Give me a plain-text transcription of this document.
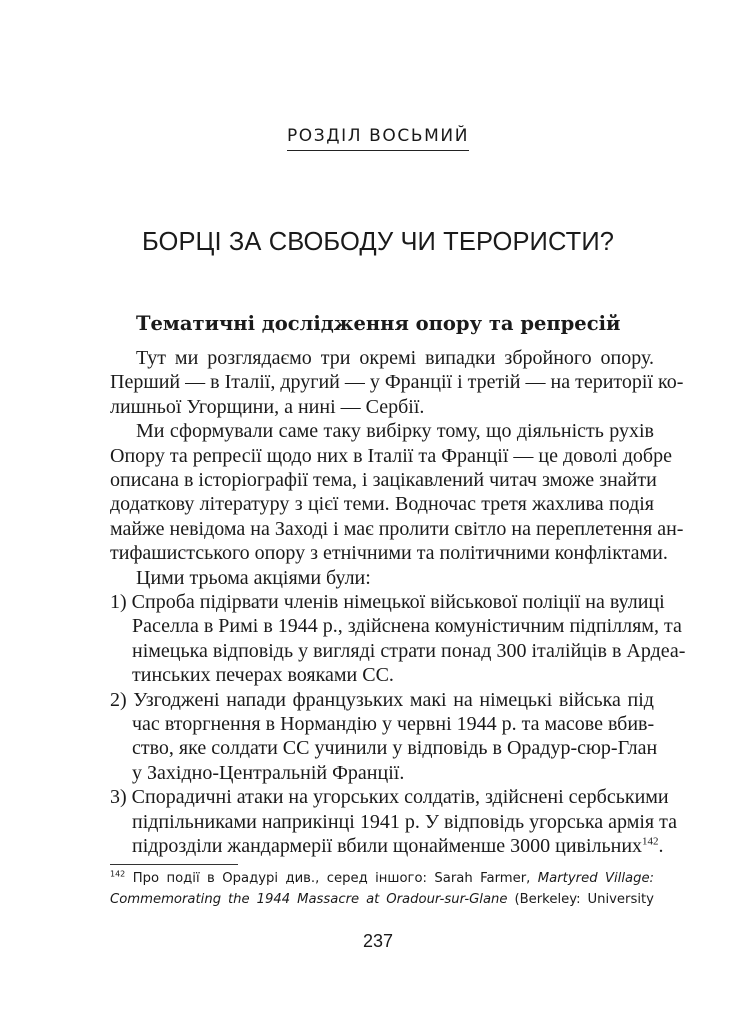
РОЗДІЛ ВОСЬМИЙ
БОРЦІ ЗА СВОБОДУ ЧИ ТЕРОРИСТИ?
Тематичні дослідження опору та репресій
Тут ми розглядаємо три окремі випадки збройного опору.
Перший — в Італії, другий — у Франції і третій — на території ко-
лишньої Угорщини, а нині — Сербії.
Ми сформували саме таку вибірку тому, що діяльність рухів
Опору та репресії щодо них в Італії та Франції — це доволі добре
описана в історіографії тема, і зацікавлений читач зможе знайти
додаткову літературу з цієї теми. Водночас третя жахлива подія
майже невідома на Заході і має пролити світло на переплетення ан-
тифашистського опору з етнічними та політичними конфліктами.
Цими трьома акціями були:
1) Спроба підірвати членів німецької військової поліції на вулиці
Раселла в Римі в 1944 р., здійснена комуністичним підпіллям, та
німецька відповідь у вигляді страти понад 300 італійців в Ардеа-
тинських печерах вояками СС.
2) Узгоджені напади французьких макі на німецькі війська під
час вторгнення в Нормандію у червні 1944 р. та масове вбив-
ство, яке солдати СС учинили у відповідь в Орадур-сюр-Глан
у Західно-Центральній Франції.
3) Спорадичні атаки на угорських солдатів, здійснені сербськими
підпільниками наприкінці 1941 р. У відповідь угорська армія та
підрозділи жандармерії вбили щонайменше 3000 цивільних$^{142}$.
$^{142}$ Про події в Орадурі див., серед іншого: Sarah Farmer, Martyred Village:
Commemorating the 1944 Massacre at Oradour-sur-Glane (Berkeley: University
237
